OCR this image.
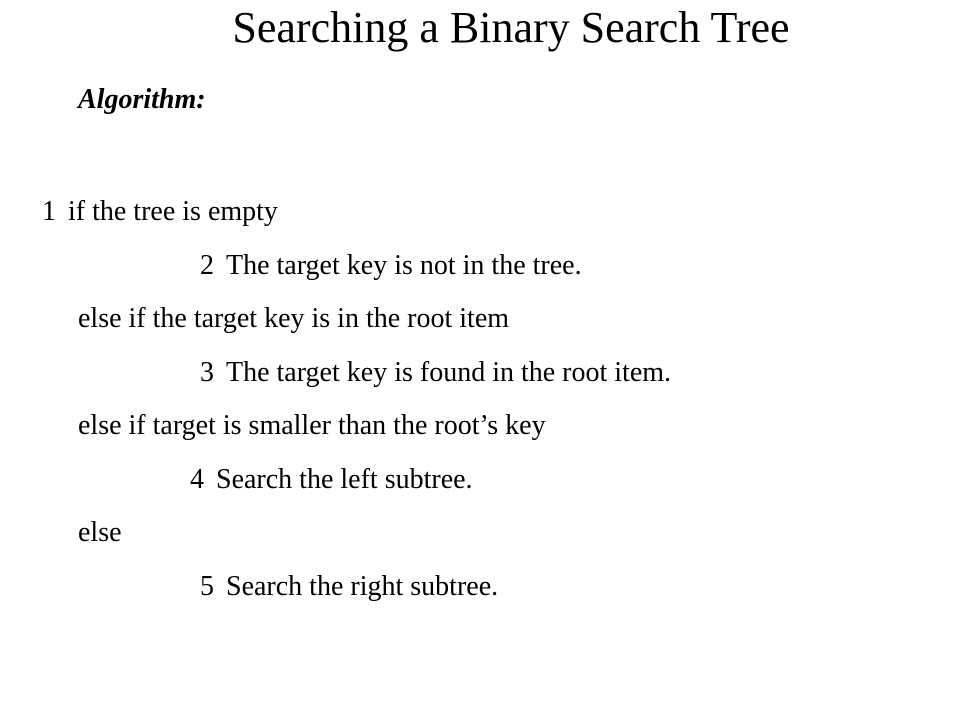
Searching a Binary Search Tree
Algorithm:
1 if the tree is empty
2 The target key is not in the tree.
else if the target key is in the root item
3 The target key is found in the root item.
else if target is smaller than the root’s key
4 Search the left subtree.
else
5 Search the right subtree.
